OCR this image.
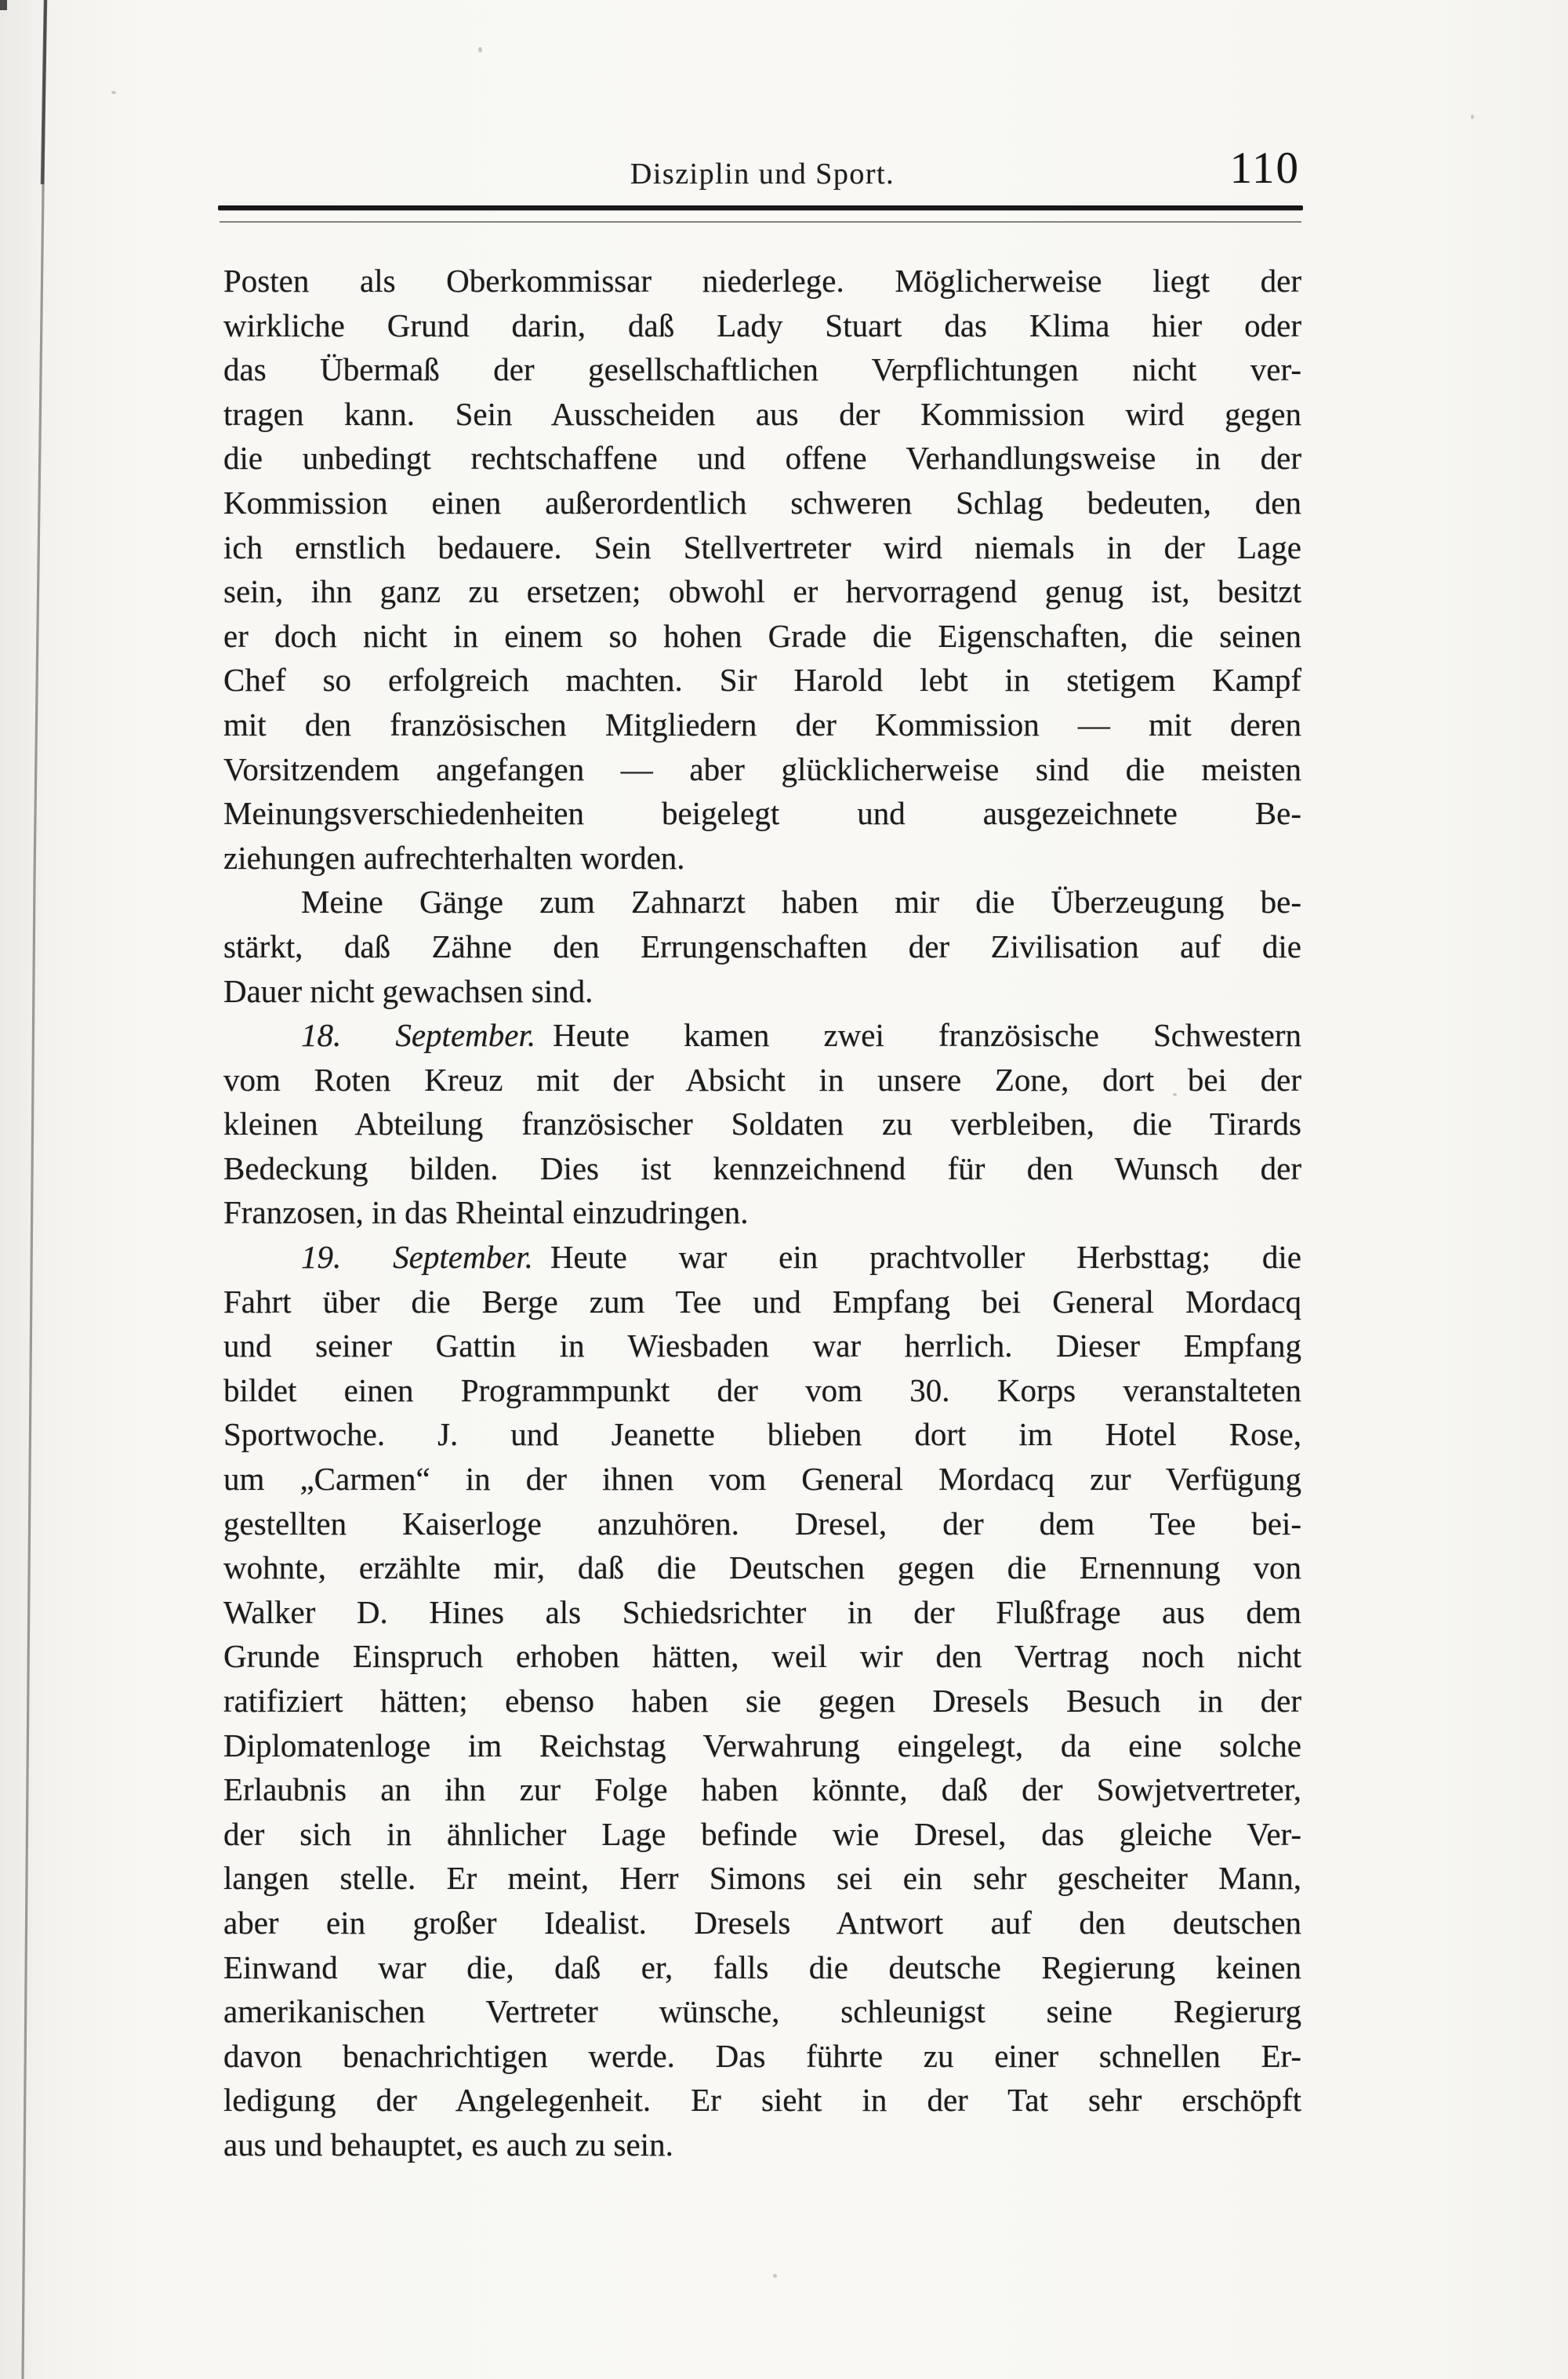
Disziplin und Sport.	110
Posten als Oberkommissar niederlege. Möglicherweise liegt der
wirkliche Grund darin, daß Lady Stuart das Klima hier oder
das Übermaß der gesellschaftlichen Verpflichtungen nicht ver-
tragen kann. Sein Ausscheiden aus der Kommission wird gegen
die unbedingt rechtschaffene und offene Verhandlungsweise in der
Kommission einen außerordentlich schweren Schlag bedeuten, den
ich ernstlich bedauere. Sein Stellvertreter wird niemals in der Lage
sein, ihn ganz zu ersetzen; obwohl er hervorragend genug ist, besitzt
er doch nicht in einem so hohen Grade die Eigenschaften, die seinen
Chef so erfolgreich machten. Sir Harold lebt in stetigem Kampf
mit den französischen Mitgliedern der Kommission — mit deren
Vorsitzendem angefangen — aber glücklicherweise sind die meisten
Meinungsverschiedenheiten beigelegt und ausgezeichnete Be-
ziehungen aufrechterhalten worden.
Meine Gänge zum Zahnarzt haben mir die Überzeugung be-
stärkt, daß Zähne den Errungenschaften der Zivilisation auf die
Dauer nicht gewachsen sind.
18. September. Heute kamen zwei französische Schwestern
vom Roten Kreuz mit der Absicht in unsere Zone, dort bei der
kleinen Abteilung französischer Soldaten zu verbleiben, die Tirards
Bedeckung bilden. Dies ist kennzeichnend für den Wunsch der
Franzosen, in das Rheintal einzudringen.
19. September. Heute war ein prachtvoller Herbsttag; die
Fahrt über die Berge zum Tee und Empfang bei General Mordacq
und seiner Gattin in Wiesbaden war herrlich. Dieser Empfang
bildet einen Programmpunkt der vom 30. Korps veranstalteten
Sportwoche. J. und Jeanette blieben dort im Hotel Rose,
um „Carmen“ in der ihnen vom General Mordacq zur Verfügung
gestellten Kaiserloge anzuhören. Dresel, der dem Tee bei-
wohnte, erzählte mir, daß die Deutschen gegen die Ernennung von
Walker D. Hines als Schiedsrichter in der Flußfrage aus dem
Grunde Einspruch erhoben hätten, weil wir den Vertrag noch nicht
ratifiziert hätten; ebenso haben sie gegen Dresels Besuch in der
Diplomatenloge im Reichstag Verwahrung eingelegt, da eine solche
Erlaubnis an ihn zur Folge haben könnte, daß der Sowjetvertreter,
der sich in ähnlicher Lage befinde wie Dresel, das gleiche Ver-
langen stelle. Er meint, Herr Simons sei ein sehr gescheiter Mann,
aber ein großer Idealist. Dresels Antwort auf den deutschen
Einwand war die, daß er, falls die deutsche Regierung keinen
amerikanischen Vertreter wünsche, schleunigst seine Regierurg
davon benachrichtigen werde. Das führte zu einer schnellen Er-
ledigung der Angelegenheit. Er sieht in der Tat sehr erschöpft
aus und behauptet, es auch zu sein.
